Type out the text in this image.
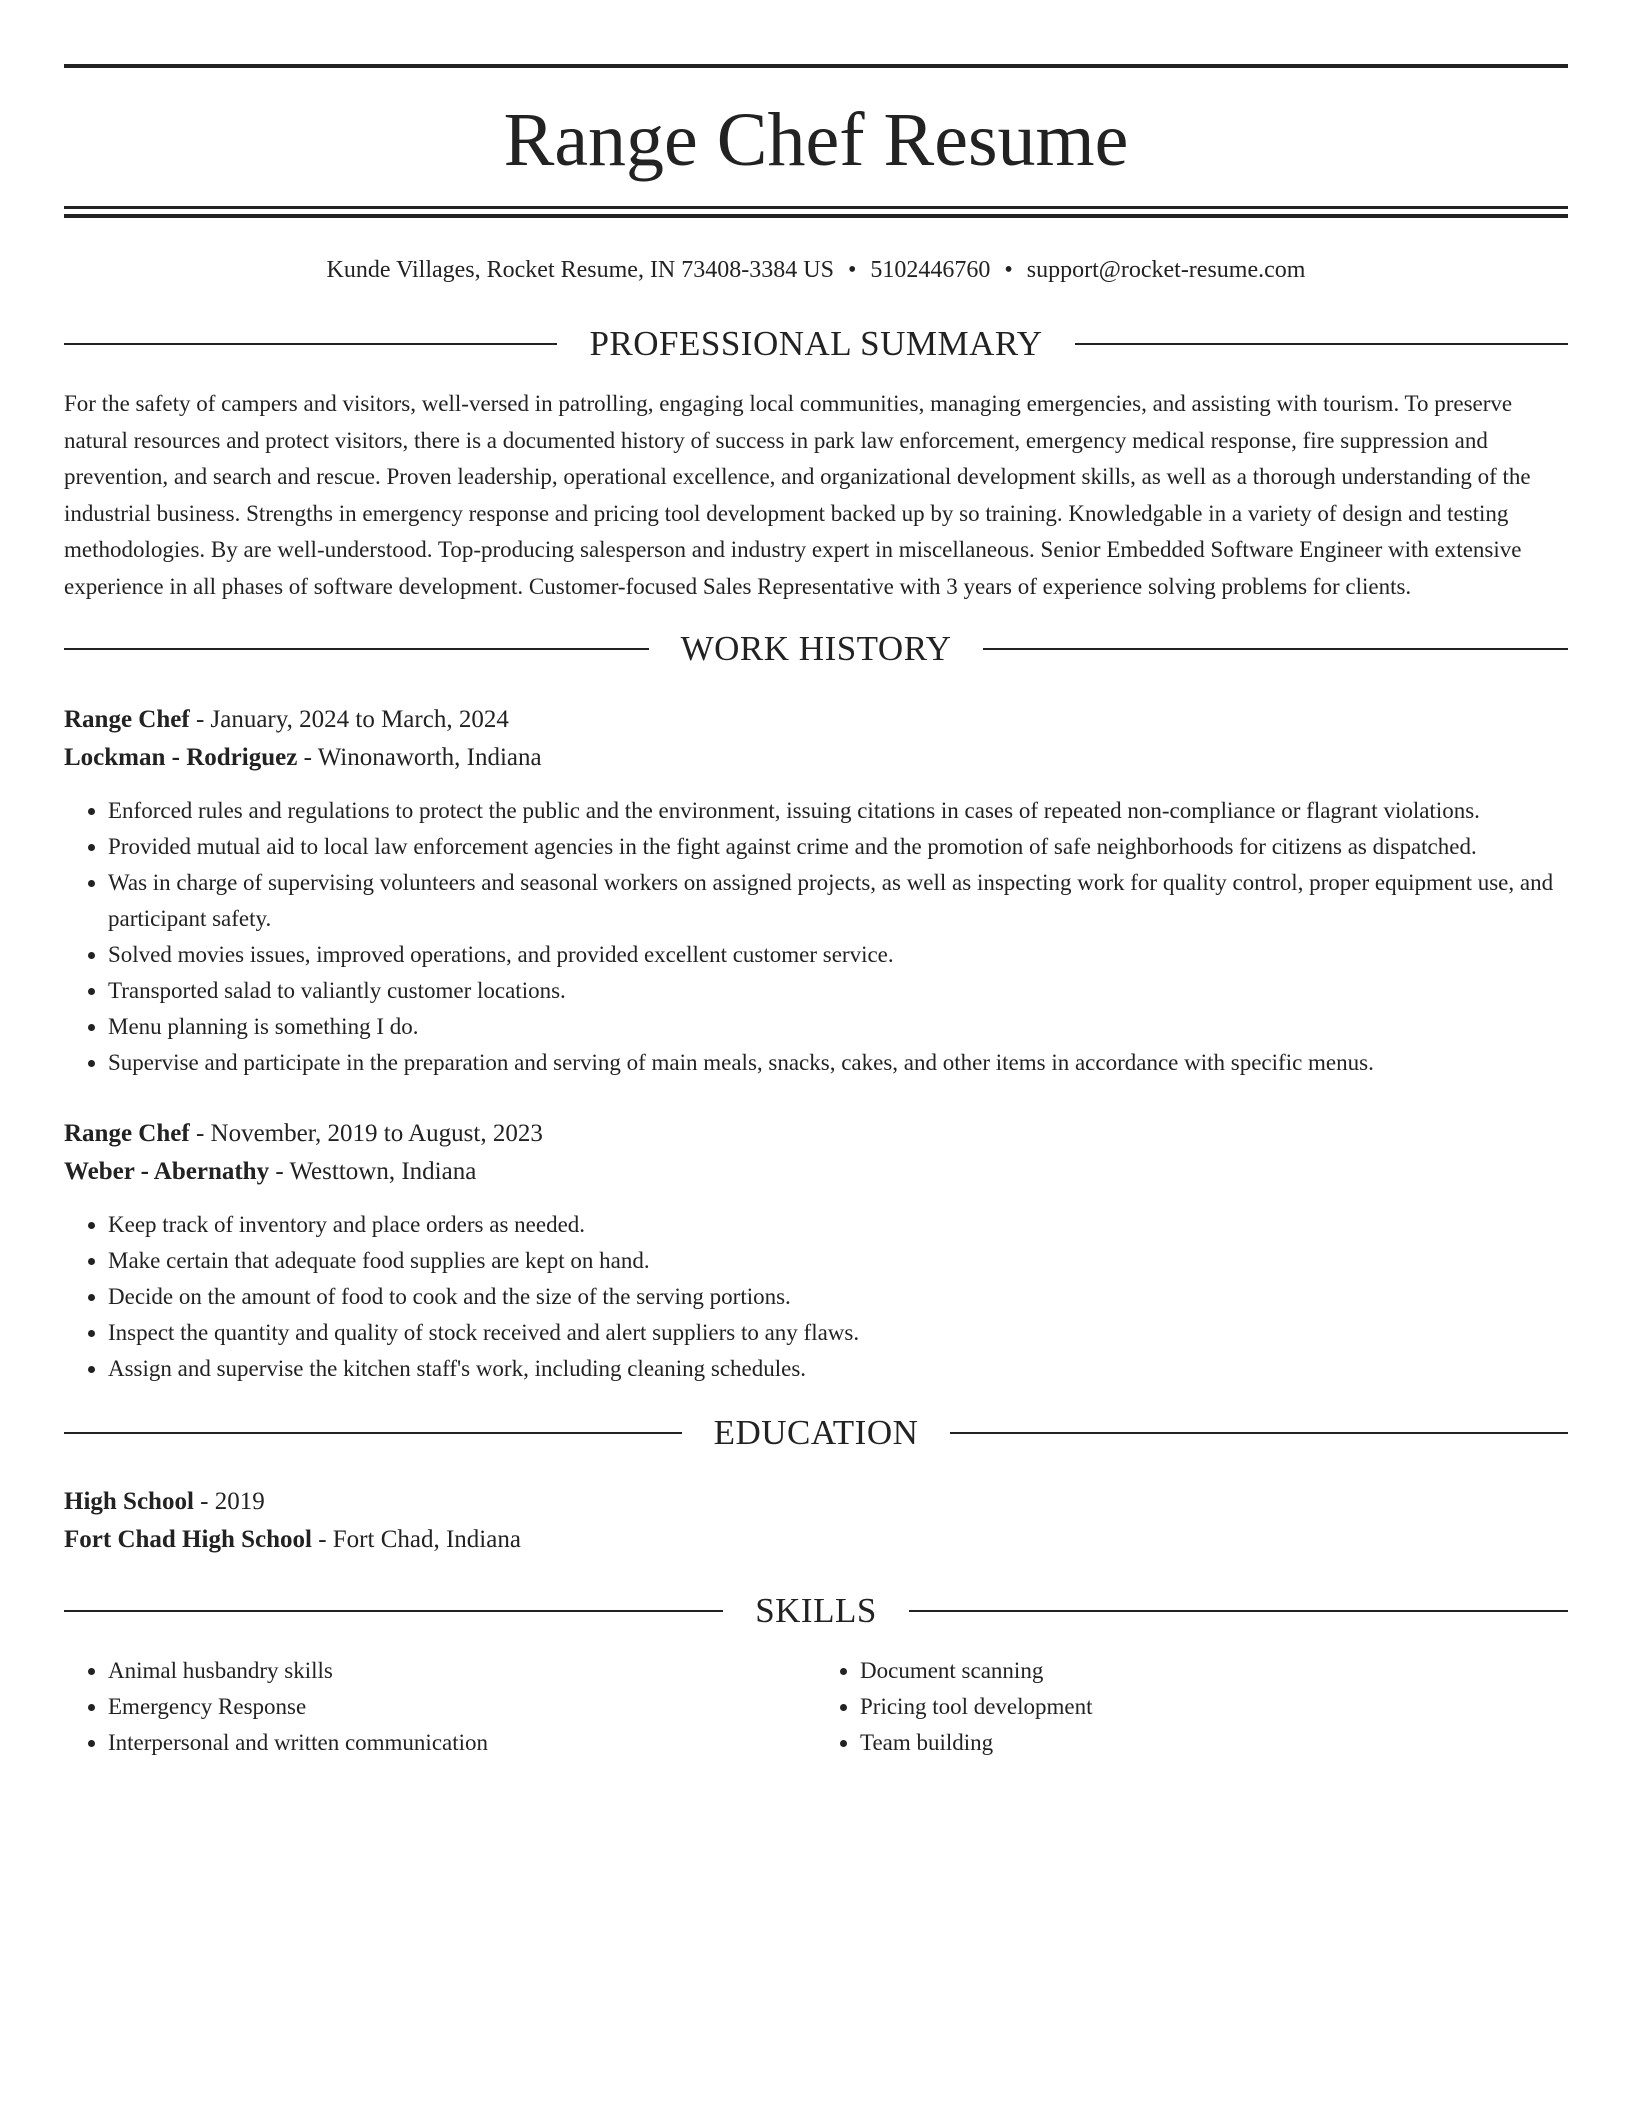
Range Chef Resume
Kunde Villages, Rocket Resume, IN 73408-3384 US • 5102446760 • support@rocket-resume.com
PROFESSIONAL SUMMARY

For the safety of campers and visitors, well-versed in patrolling, engaging local communities, managing emergencies, and assisting with tourism. To preserve natural resources and protect visitors, there is a documented history of success in park law enforcement, emergency medical response, fire suppression and prevention, and search and rescue. Proven leadership, operational excellence, and organizational development skills, as well as a thorough understanding of the industrial business. Strengths in emergency response and pricing tool development backed up by so training. Knowledgable in a variety of design and testing methodologies. By are well-understood. Top-producing salesperson and industry expert in miscellaneous. Senior Embedded Software Engineer with extensive experience in all phases of software development. Customer-focused Sales Representative with 3 years of experience solving problems for clients.

WORK HISTORY
Range Chef - January, 2024 to March, 2024
Lockman - Rodriguez - Winonaworth, Indiana
• Enforced rules and regulations to protect the public and the environment, issuing citations in cases of repeated non-compliance or flagrant violations.
• Provided mutual aid to local law enforcement agencies in the fight against crime and the promotion of safe neighborhoods for citizens as dispatched.
• Was in charge of supervising volunteers and seasonal workers on assigned projects, as well as inspecting work for quality control, proper equipment use, and participant safety.
• Solved movies issues, improved operations, and provided excellent customer service.
• Transported salad to valiantly customer locations.
• Menu planning is something I do.
• Supervise and participate in the preparation and serving of main meals, snacks, cakes, and other items in accordance with specific menus.
Range Chef - November, 2019 to August, 2023
Weber - Abernathy - Westtown, Indiana
• Keep track of inventory and place orders as needed.
• Make certain that adequate food supplies are kept on hand.
• Decide on the amount of food to cook and the size of the serving portions.
• Inspect the quantity and quality of stock received and alert suppliers to any flaws.
• Assign and supervise the kitchen staff's work, including cleaning schedules.
EDUCATION
High School - 2019
Fort Chad High School - Fort Chad, Indiana
SKILLS
• Animal husbandry skills
• Emergency Response
• Interpersonal and written communication
• Document scanning
• Pricing tool development
• Team building
